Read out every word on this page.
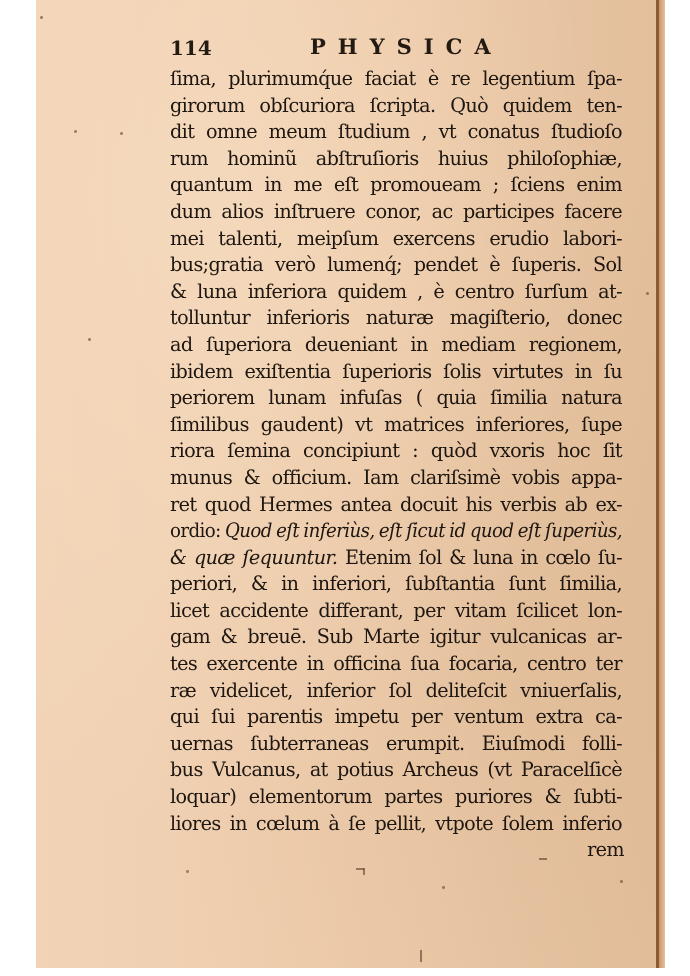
114	PHYSICA
ſima, plurimumq́ue faciat è re legentium ſpa-
girorum obſcuriora ſcripta. Quò quidem ten-
dit omne meum ſtudium , vt conatus ſtudioſo
rum hominũ abſtruſioris huius philoſophiæ,
quantum in me eſt promoueam ; ſciens enim
dum alios inſtruere conor, ac participes facere
mei talenti, meipſum exercens erudio labori-
bus;gratia verò lumenq́; pendet è ſuperis. Sol
& luna inferiora quidem , è centro ſurſum at-
tolluntur inferioris naturæ magiſterio, donec
ad ſuperiora deueniant in mediam regionem,
ibidem exiſtentia ſuperioris ſolis virtutes in ſu
periorem lunam infuſas ( quia ſimilia natura
ſimilibus gaudent) vt matrices inferiores, ſupe
riora ſemina concipiunt : quòd vxoris hoc ſit
munus & officium. Iam clariſsimè vobis appa-
ret quod Hermes antea docuit his verbis ab ex-
ordio: Quod eſt inferiùs, eſt ſicut id quod eſt ſuperiùs,
& quæ ſequuntur. Etenim ſol & luna in cœlo ſu-
periori, & in inferiori, ſubſtantia ſunt ſimilia,
licet accidente differant, per vitam ſcilicet lon-
gam & breuē. Sub Marte igitur vulcanicas ar-
tes exercente in officina ſua focaria, centro ter
ræ videlicet, inferior ſol deliteſcit vniuerſalis,
qui ſui parentis impetu per ventum extra ca-
uernas ſubterraneas erumpit. Eiuſmodi folli-
bus Vulcanus, at potius Archeus (vt Paracelſicè
loquar) elementorum partes puriores & ſubti-
liores in cœlum à ſe pellit, vtpote ſolem inferio
rem
